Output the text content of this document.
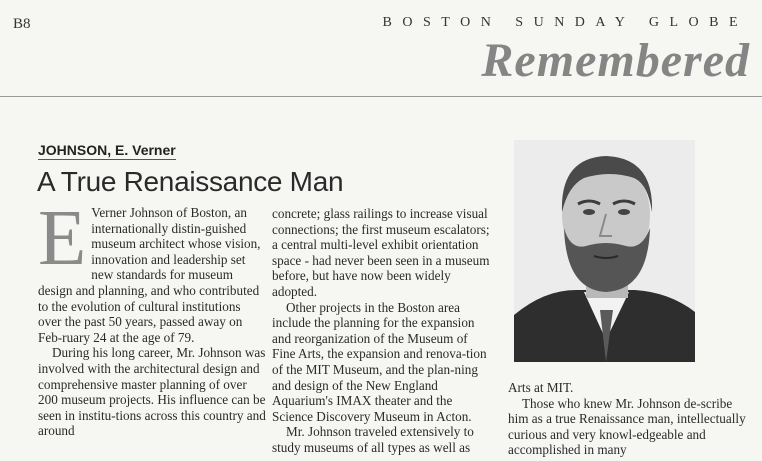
B8	BOSTON SUNDAY GLOBE
Remembered
JOHNSON, E. Verner
A True Renaissance Man
E Verner Johnson of Boston, an internationally distin-guished museum architect whose vision, innovation and leadership set new standards for museum design and planning, and who contributed to the evolution of cultural institutions over the past 50 years, passed away on Feb-ruary 24 at the age of 79.

During his long career, Mr. Johnson was involved with the architectural design and comprehensive master planning of over 200 museum projects. His influence can be seen in institu-tions across this country and around

concrete; glass railings to increase visual connections; the first museum escalators; a central multi-level exhibit orientation space - had never been seen in a museum before, but have now been widely adopted.

Other projects in the Boston area include the planning for the expansion and reorganization of the Museum of Fine Arts, the expansion and renova-tion of the MIT Museum, and the plan-ning and design of the New England Aquarium's IMAX theater and the Science Discovery Museum in Acton.

Mr. Johnson traveled extensively to study museums of all types as well as

Arts at MIT.

Those who knew Mr. Johnson de-scribe him as a true Renaissance man, intellectually curious and very knowl-edgeable and accomplished in many
